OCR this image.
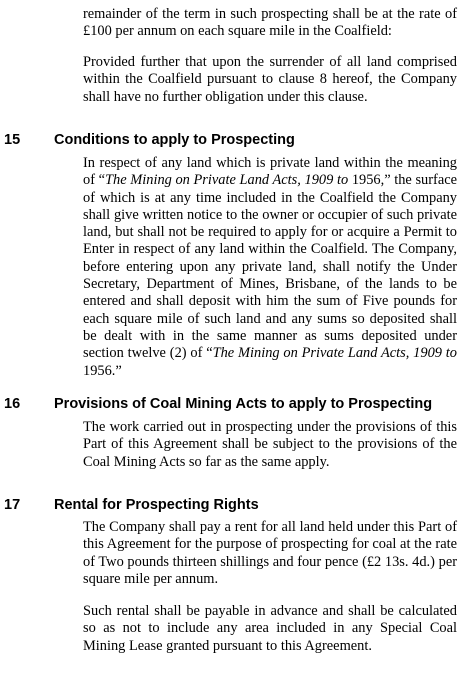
remainder of the term in such prospecting shall be at the rate of £100 per annum on each square mile in the Coalfield:

Provided further that upon the surrender of all land comprised within the Coalfield pursuant to clause 8 hereof, the Company shall have no further obligation under this clause.

15 Conditions to apply to Prospecting

In respect of any land which is private land within the meaning of “The Mining on Private Land Acts, 1909 to 1956,” the surface of which is at any time included in the Coalfield the Company shall give written notice to the owner or occupier of such private land, but shall not be required to apply for or acquire a Permit to Enter in respect of any land within the Coalfield. The Company, before entering upon any private land, shall notify the Under Secretary, Department of Mines, Brisbane, of the lands to be entered and shall deposit with him the sum of Five pounds for each square mile of such land and any sums so deposited shall be dealt with in the same manner as sums deposited under section twelve (2) of “The Mining on Private Land Acts, 1909 to 1956.”

16 Provisions of Coal Mining Acts to apply to Prospecting

The work carried out in prospecting under the provisions of this Part of this Agreement shall be subject to the provisions of the Coal Mining Acts so far as the same apply.

17 Rental for Prospecting Rights

The Company shall pay a rent for all land held under this Part of this Agreement for the purpose of prospecting for coal at the rate of Two pounds thirteen shillings and four pence (£2 13s. 4d.) per square mile per annum.

Such rental shall be payable in advance and shall be calculated so as not to include any area included in any Special Coal Mining Lease granted pursuant to this Agreement.
